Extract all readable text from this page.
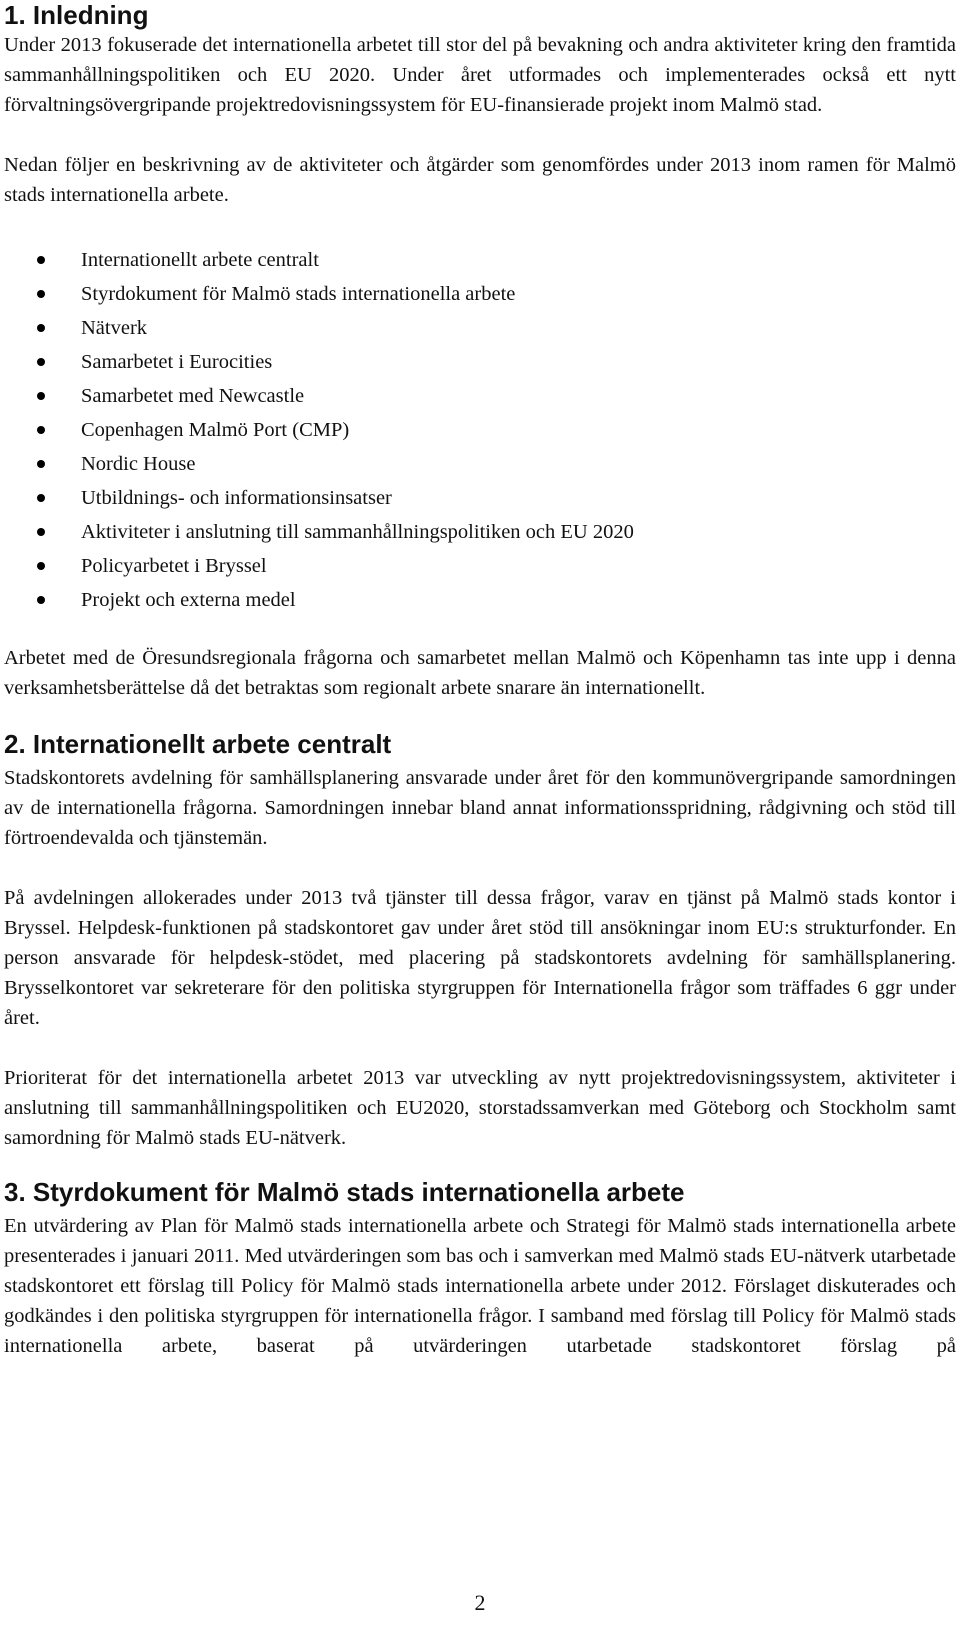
1. Inledning

Under 2013 fokuserade det internationella arbetet till stor del på bevakning och andra aktiviteter kring den framtida sammanhållningspolitiken och EU 2020. Under året utformades och implementerades också ett nytt förvaltningsövergripande projektredovisningssystem för EU-finansierade projekt inom Malmö stad.

Nedan följer en beskrivning av de aktiviteter och åtgärder som genomfördes under 2013 inom ramen för Malmö stads internationella arbete.

Internationellt arbete centralt
Styrdokument för Malmö stads internationella arbete
Nätverk
Samarbetet i Eurocities
Samarbetet med Newcastle
Copenhagen Malmö Port (CMP)
Nordic House
Utbildnings- och informationsinsatser
Aktiviteter i anslutning till sammanhållningspolitiken och EU 2020
Policyarbetet i Bryssel
Projekt och externa medel

Arbetet med de Öresundsregionala frågorna och samarbetet mellan Malmö och Köpenhamn tas inte upp i denna verksamhetsberättelse då det betraktas som regionalt arbete snarare än internationellt.

2. Internationellt arbete centralt

Stadskontorets avdelning för samhällsplanering ansvarade under året för den kommunövergripande samordningen av de internationella frågorna. Samordningen innebar bland annat informationsspridning, rådgivning och stöd till förtroendevalda och tjänstemän.

På avdelningen allokerades under 2013 två tjänster till dessa frågor, varav en tjänst på Malmö stads kontor i Bryssel. Helpdesk-funktionen på stadskontoret gav under året stöd till ansökningar inom EU:s strukturfonder. En person ansvarade för helpdesk-stödet, med placering på stadskontorets avdelning för samhällsplanering. Brysselkontoret var sekreterare för den politiska styrgruppen för Internationella frågor som träffades 6 ggr under året.

Prioriterat för det internationella arbetet 2013 var utveckling av nytt projektredovisningssystem, aktiviteter i anslutning till sammanhållningspolitiken och EU2020, storstadssamverkan med Göteborg och Stockholm samt samordning för Malmö stads EU-nätverk.

3. Styrdokument för Malmö stads internationella arbete

En utvärdering av Plan för Malmö stads internationella arbete och Strategi för Malmö stads internationella arbete presenterades i januari 2011. Med utvärderingen som bas och i samverkan med Malmö stads EU-nätverk utarbetade stadskontoret ett förslag till Policy för Malmö stads internationella arbete under 2012. Förslaget diskuterades och godkändes i den politiska styrgruppen för internationella frågor. I samband med förslag till Policy för Malmö stads internationella arbete, baserat på utvärderingen utarbetade stadskontoret förslag på

2
